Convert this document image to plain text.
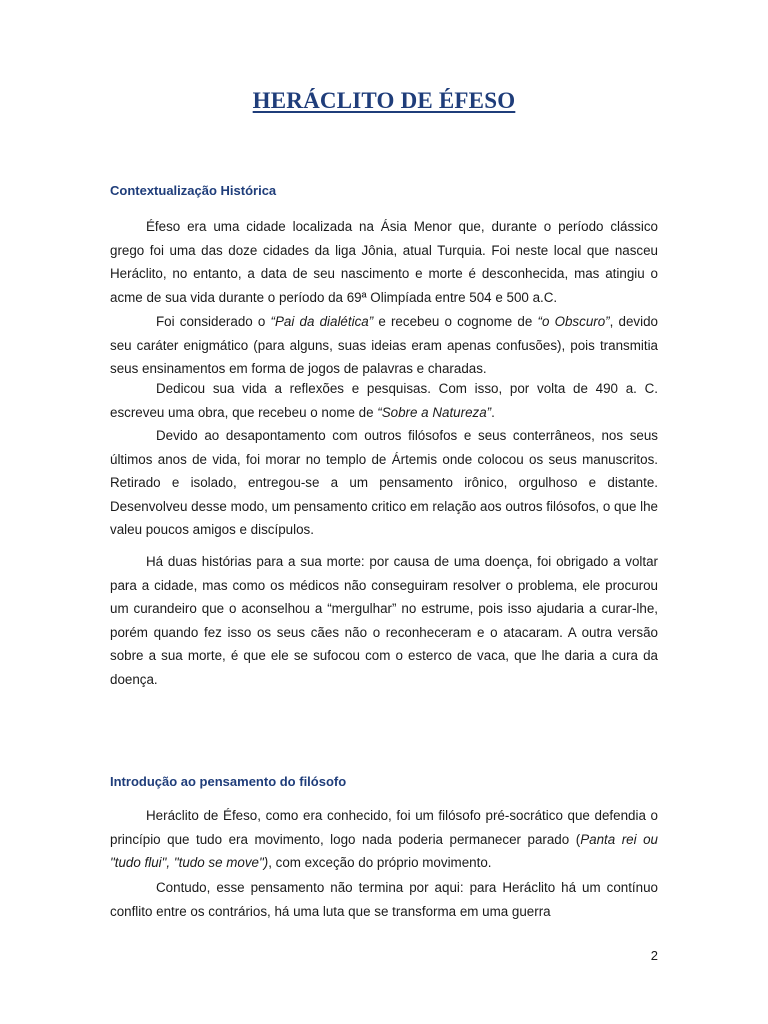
HERÁCLITO DE ÉFESO
Contextualização Histórica

Éfeso era uma cidade localizada na Ásia Menor que, durante o período clássico grego foi uma das doze cidades da liga Jônia, atual Turquia. Foi neste local que nasceu Heráclito, no entanto, a data de seu nascimento e morte é desconhecida, mas atingiu o acme de sua vida durante o período da 69ª Olimpíada entre 504 e 500 a.C.

Foi considerado o “Pai da dialética” e recebeu o cognome de “o Obscuro”, devido seu caráter enigmático (para alguns, suas ideias eram apenas confusões), pois transmitia seus ensinamentos em forma de jogos de palavras e charadas.

Dedicou sua vida a reflexões e pesquisas. Com isso, por volta de 490 a. C. escreveu uma obra, que recebeu o nome de “Sobre a Natureza”.

Devido ao desapontamento com outros filósofos e seus conterrâneos, nos seus últimos anos de vida, foi morar no templo de Ártemis onde colocou os seus manuscritos. Retirado e isolado, entregou-se a um pensamento irônico, orgulhoso e distante. Desenvolveu desse modo, um pensamento critico em relação aos outros filósofos, o que lhe valeu poucos amigos e discípulos.

Há duas histórias para a sua morte: por causa de uma doença, foi obrigado a voltar para a cidade, mas como os médicos não conseguiram resolver o problema, ele procurou um curandeiro que o aconselhou a “mergulhar” no estrume, pois isso ajudaria a curar-lhe, porém quando fez isso os seus cães não o reconheceram e o atacaram. A outra versão sobre a sua morte, é que ele se sufocou com o esterco de vaca, que lhe daria a cura da doença.

Introdução ao pensamento do filósofo

Heráclito de Éfeso, como era conhecido, foi um filósofo pré-socrático que defendia o princípio que tudo era movimento, logo nada poderia permanecer parado (Panta rei ou "tudo flui", "tudo se move"), com exceção do próprio movimento.

Contudo, esse pensamento não termina por aqui: para Heráclito há um contínuo conflito entre os contrários, há uma luta que se transforma em uma guerra

2
